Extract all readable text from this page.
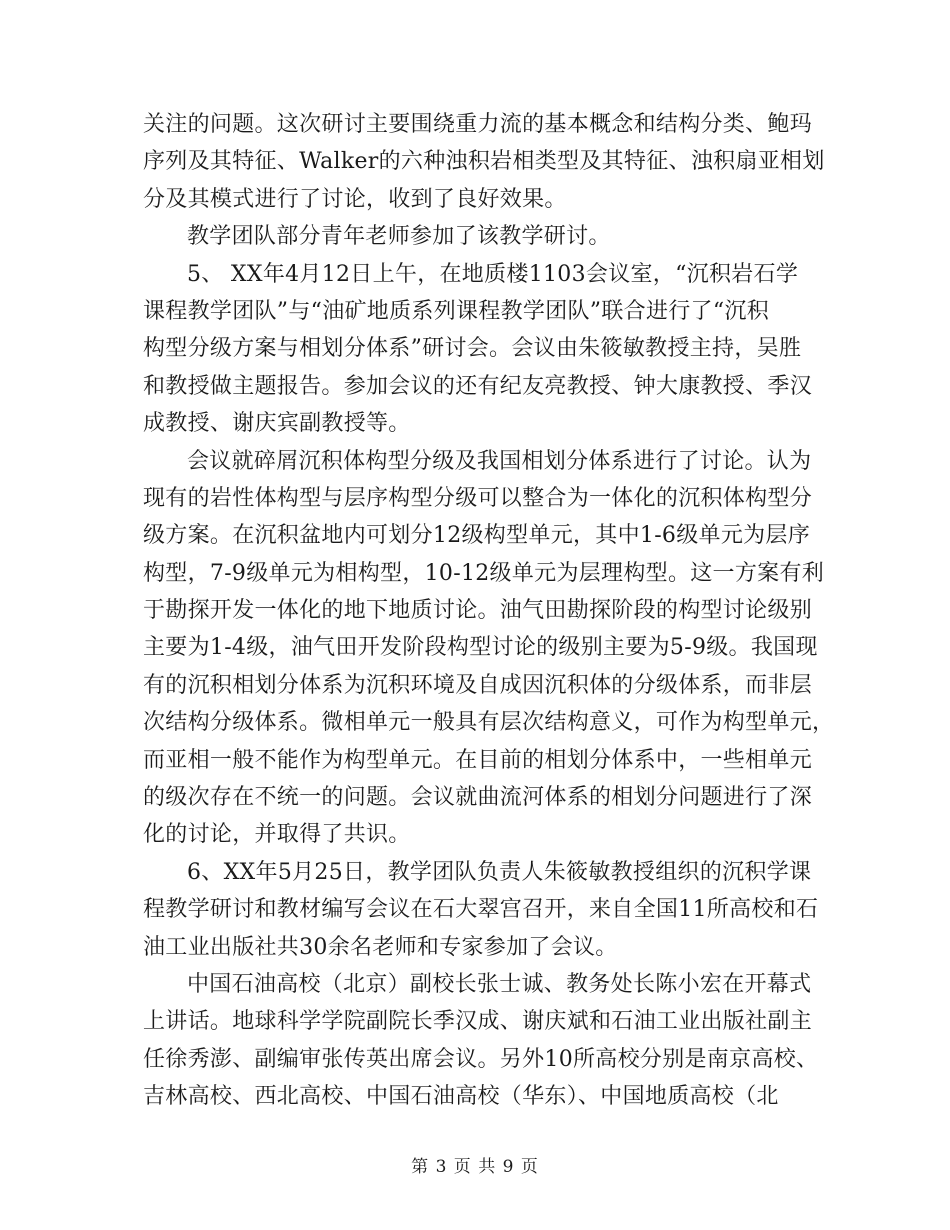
关注的问题。这次研讨主要围绕重力流的基本概念和结构分类、鲍玛
序列及其特征、Walker的六种浊积岩相类型及其特征、浊积扇亚相划
分及其模式进行了讨论，收到了良好效果。
教学团队部分青年老师参加了该教学研讨。
5、 XX年4月12日上午，在地质楼1103会议室，“沉积岩石学
课程教学团队”与“油矿地质系列课程教学团队”联合进行了“沉积
构型分级方案与相划分体系”研讨会。会议由朱筱敏教授主持，吴胜
和教授做主题报告。参加会议的还有纪友亮教授、钟大康教授、季汉
成教授、谢庆宾副教授等。
会议就碎屑沉积体构型分级及我国相划分体系进行了讨论。认为
现有的岩性体构型与层序构型分级可以整合为一体化的沉积体构型分
级方案。在沉积盆地内可划分12级构型单元，其中1-6级单元为层序
构型，7-9级单元为相构型，10-12级单元为层理构型。这一方案有利
于勘探开发一体化的地下地质讨论。油气田勘探阶段的构型讨论级别
主要为1-4级，油气田开发阶段构型讨论的级别主要为5-9级。我国现
有的沉积相划分体系为沉积环境及自成因沉积体的分级体系，而非层
次结构分级体系。微相单元一般具有层次结构意义，可作为构型单元，
而亚相一般不能作为构型单元。在目前的相划分体系中，一些相单元
的级次存在不统一的问题。会议就曲流河体系的相划分问题进行了深
化的讨论，并取得了共识。
6、XX年5月25日，教学团队负责人朱筱敏教授组织的沉积学课
程教学研讨和教材编写会议在石大翠宫召开，来自全国11所高校和石
油工业出版社共30余名老师和专家参加了会议。
中国石油高校（北京）副校长张士诚、教务处长陈小宏在开幕式
上讲话。地球科学学院副院长季汉成、谢庆斌和石油工业出版社副主
任徐秀澎、副编审张传英出席会议。另外10所高校分别是南京高校、
吉林高校、西北高校、中国石油高校（华东）、中国地质高校（北
第 3 页 共 9 页
